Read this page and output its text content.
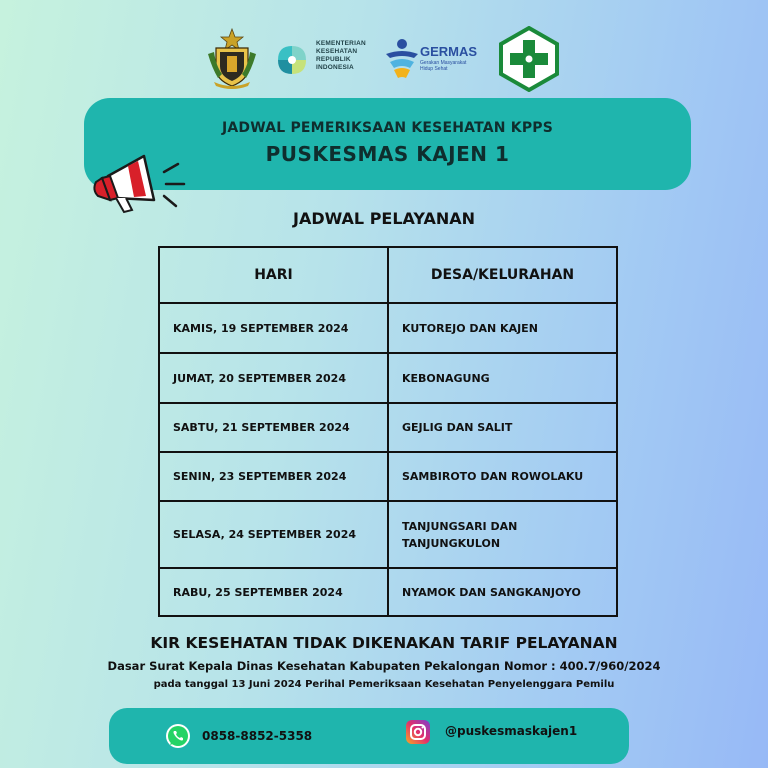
KEMENTERIAN KESEHATAN REPUBLIK INDONESIA
GERMAS
Gerakan Masyarakat Hidup Sehat
JADWAL PEMERIKSAAN KESEHATAN KPPS
PUSKESMAS KAJEN 1
JADWAL PELAYANAN
HARI	DESA/KELURAHAN
KAMIS, 19 SEPTEMBER 2024	KUTOREJO DAN KAJEN
JUMAT, 20 SEPTEMBER 2024	KEBONAGUNG
SABTU, 21 SEPTEMBER 2024	GEJLIG DAN SALIT
SENIN, 23 SEPTEMBER 2024	SAMBIROTO DAN ROWOLAKU
SELASA, 24 SEPTEMBER 2024	TANJUNGSARI DAN TANJUNGKULON
RABU, 25 SEPTEMBER 2024	NYAMOK DAN SANGKANJOYO
KIR KESEHATAN TIDAK DIKENAKAN TARIF PELAYANAN
Dasar Surat Kepala Dinas Kesehatan Kabupaten Pekalongan Nomor : 400.7/960/2024
pada tanggal 13 Juni 2024 Perihal Pemeriksaan Kesehatan Penyelenggara Pemilu
0858-8852-5358	@puskesmaskajen1
